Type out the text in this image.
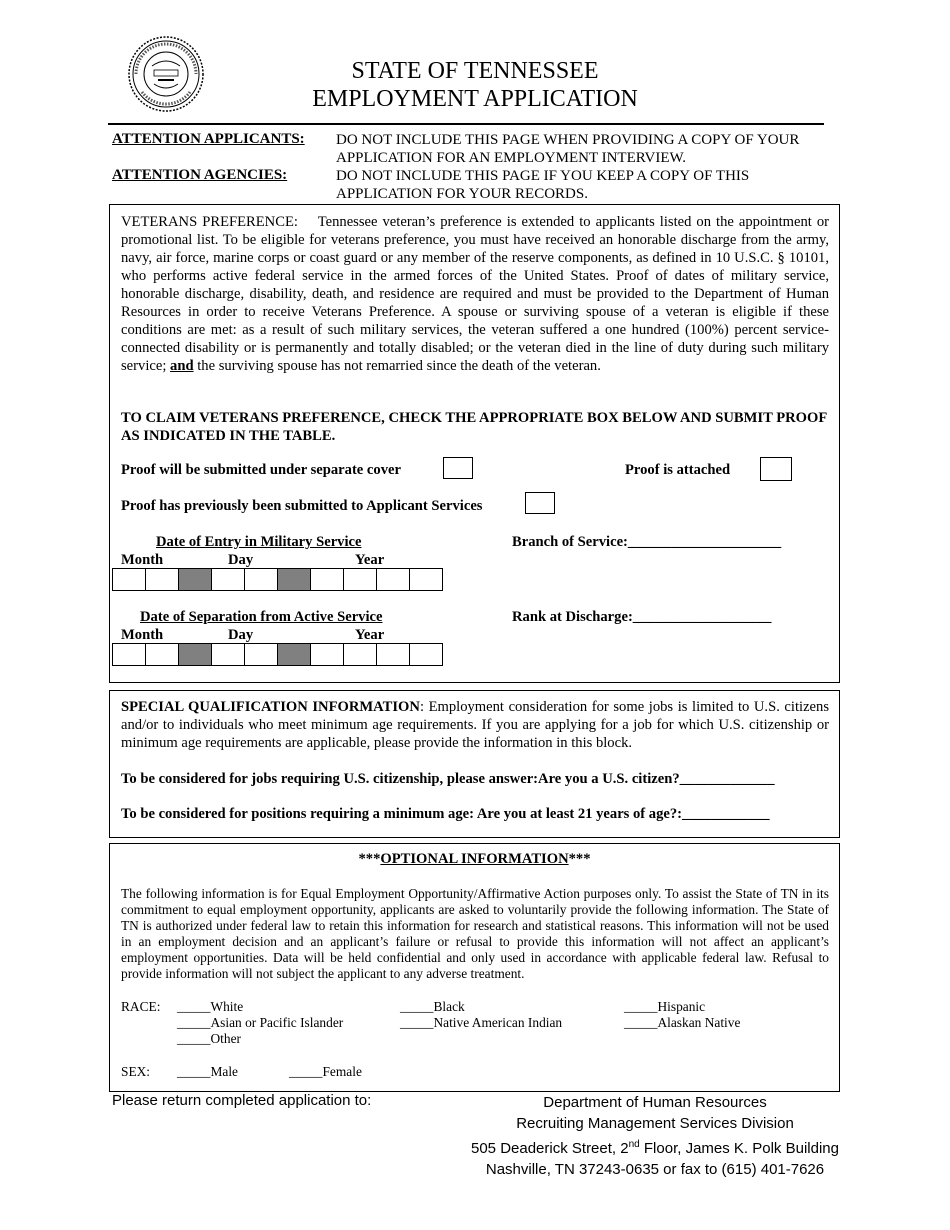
STATE OF TENNESSEE
EMPLOYMENT APPLICATION
ATTENTION APPLICANTS: DO NOT INCLUDE THIS PAGE WHEN PROVIDING A COPY OF YOUR
APPLICATION FOR AN EMPLOYMENT INTERVIEW.
ATTENTION AGENCIES:	DO NOT INCLUDE THIS PAGE IF YOU KEEP A COPY OF THIS
APPLICATION FOR YOUR RECORDS.
VETERANS PREFERENCE: Tennessee veteran’s preference is extended to applicants listed on the appointment or promotional list. To be eligible for veterans preference, you must have received an honorable discharge from the army, navy, air force, marine corps or coast guard or any member of the reserve components, as defined in 10 U.S.C. § 10101, who performs active federal service in the armed forces of the United States. Proof of dates of military service, honorable discharge, disability, death, and residence are required and must be provided to the Department of Human Resources in order to receive Veterans Preference. A spouse or surviving spouse of a veteran is eligible if these conditions are met: as a result of such military services, the veteran suffered a one hundred (100%) percent service-connected disability or is permanently and totally disabled; or the veteran died in the line of duty during such military service; and the surviving spouse has not remarried since the death of the veteran.
TO CLAIM VETERANS PREFERENCE, CHECK THE APPROPRIATE BOX BELOW AND SUBMIT PROOF AS INDICATED IN THE TABLE.
Proof will be submitted under separate cover	Proof is attached
Proof has previously been submitted to Applicant Services
Date of Entry in Military Service
Month	Day	Year
Branch of Service:_____________________
Date of Separation from Active Service
Month	Day	Year
Rank at Discharge:___________________
SPECIAL QUALIFICATION INFORMATION: Employment consideration for some jobs is limited to U.S. citizens and/or to individuals who meet minimum age requirements. If you are applying for a job for which U.S. citizenship or minimum age requirements are applicable, please provide the information in this block.
To be considered for jobs requiring U.S. citizenship, please answer:Are you a U.S. citizen?_____________
To be considered for positions requiring a minimum age: Are you at least 21 years of age?:____________
***OPTIONAL INFORMATION***
The following information is for Equal Employment Opportunity/Affirmative Action purposes only. To assist the State of TN in its commitment to equal employment opportunity, applicants are asked to voluntarily provide the following information. The State of TN is authorized under federal law to retain this information for research and statistical reasons. This information will not be used in an employment decision and an applicant’s failure or refusal to provide this information will not affect an applicant’s employment opportunities. Data will be held confidential and only used in accordance with applicable federal law. Refusal to provide information will not subject the applicant to any adverse treatment.
RACE: _____White	_____Black	_____Hispanic
_____Asian or Pacific Islander	_____Native American Indian	_____Alaskan Native
_____Other
SEX: _____Male	_____Female
Please return completed application to:	Department of Human Resources
Recruiting Management Services Division
505 Deaderick Street, 2nd Floor, James K. Polk Building
Nashville, TN 37243-0635 or fax to (615) 401-7626
